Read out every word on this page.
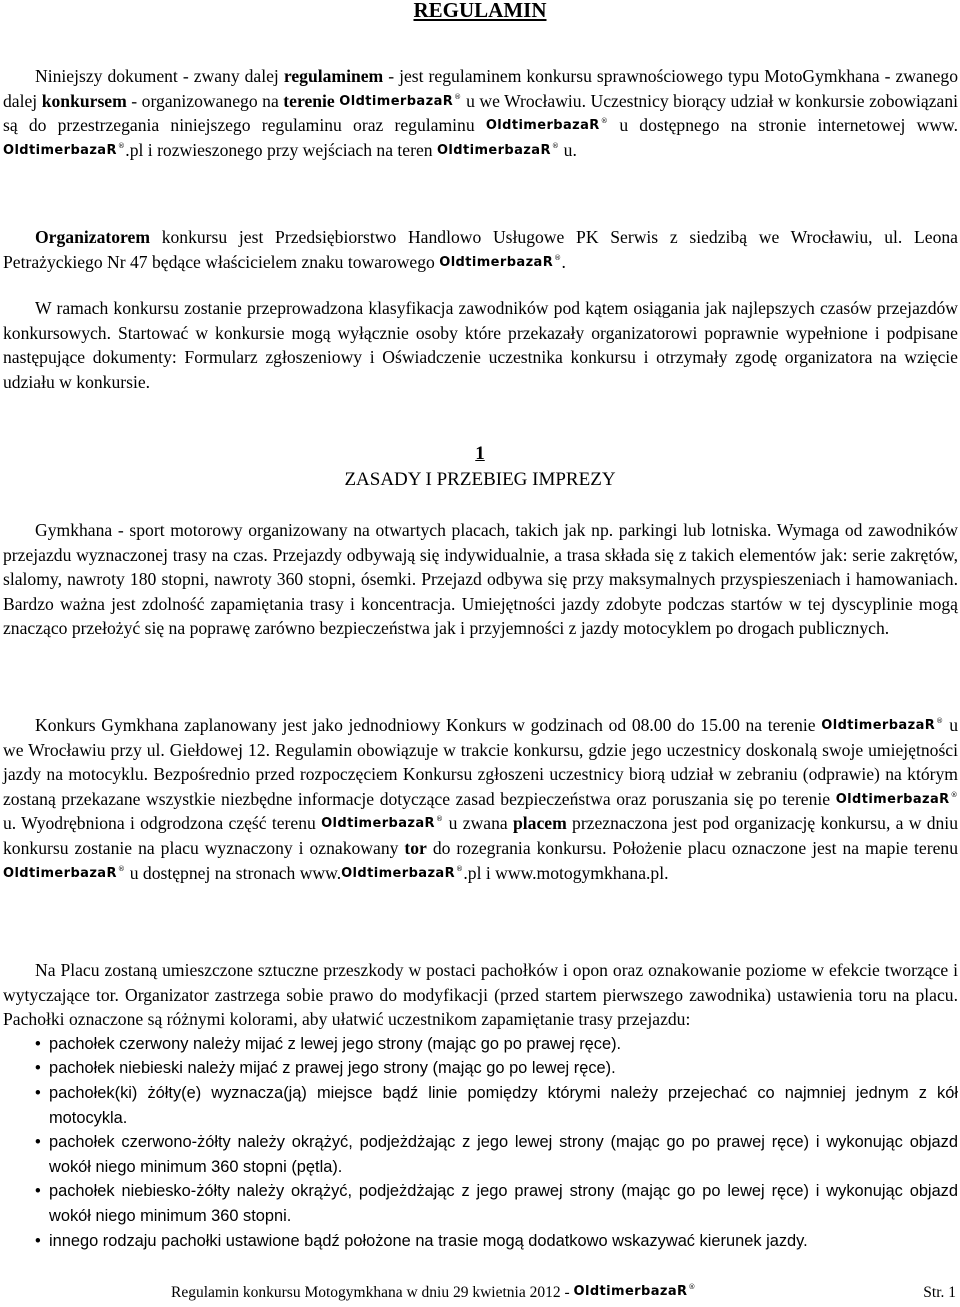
REGULAMIN

Niniejszy dokument - zwany dalej regulaminem - jest regulaminem konkursu sprawnościowego typu MotoGymkhana - zwanego dalej konkursem - organizowanego na terenie OldtimerbazaR® u we Wrocławiu. Uczestnicy biorący udział w konkursie zobowiązani są do przestrzegania niniejszego regulaminu oraz regulaminu OldtimerbazaR® u dostępnego na stronie internetowej www.OldtimerbazaR®.pl i rozwieszonego przy wejściach na teren OldtimerbazaR® u.

Organizatorem konkursu jest Przedsiębiorstwo Handlowo Usługowe PK Serwis z siedzibą we Wrocławiu, ul. Leona Petrażyckiego Nr 47 będące właścicielem znaku towarowego OldtimerbazaR®.

W ramach konkursu zostanie przeprowadzona klasyfikacja zawodników pod kątem osiągania jak najlepszych czasów przejazdów konkursowych. Startować w konkursie mogą wyłącznie osoby które przekazały organizatorowi poprawnie wypełnione i podpisane następujące dokumenty: Formularz zgłoszeniowy i Oświadczenie uczestnika konkursu i otrzymały zgodę organizatora na wzięcie udziału w konkursie.

1
ZASADY I PRZEBIEG IMPREZY

Gymkhana - sport motorowy organizowany na otwartych placach, takich jak np. parkingi lub lotniska. Wymaga od zawodników przejazdu wyznaczonej trasy na czas. Przejazdy odbywają się indywidualnie, a trasa składa się z takich elementów jak: serie zakrętów, slalomy, nawroty 180 stopni, nawroty 360 stopni, ósemki. Przejazd odbywa się przy maksymalnych przyspieszeniach i hamowaniach. Bardzo ważna jest zdolność zapamiętania trasy i koncentracja. Umiejętności jazdy zdobyte podczas startów w tej dyscyplinie mogą znacząco przełożyć się na poprawę zarówno bezpieczeństwa jak i przyjemności z jazdy motocyklem po drogach publicznych.

Konkurs Gymkhana zaplanowany jest jako jednodniowy Konkurs w godzinach od 08.00 do 15.00 na terenie OldtimerbazaR® u we Wrocławiu przy ul. Giełdowej 12. Regulamin obowiązuje w trakcie konkursu, gdzie jego uczestnicy doskonalą swoje umiejętności jazdy na motocyklu. Bezpośrednio przed rozpoczęciem Konkursu zgłoszeni uczestnicy biorą udział w zebraniu (odprawie) na którym zostaną przekazane wszystkie niezbędne informacje dotyczące zasad bezpieczeństwa oraz poruszania się po terenie OldtimerbazaR® u. Wyodrębniona i odgrodzona część terenu OldtimerbazaR® u zwana placem przeznaczona jest pod organizację konkursu, a w dniu konkursu zostanie na placu wyznaczony i oznakowany tor do rozegrania konkursu. Położenie placu oznaczone jest na mapie terenu OldtimerbazaR® u dostępnej na stronach www.OldtimerbazaR®.pl i www.motogymkhana.pl.

Na Placu zostaną umieszczone sztuczne przeszkody w postaci pachołków i opon oraz oznakowanie poziome w efekcie tworzące i wytyczające tor. Organizator zastrzega sobie prawo do modyfikacji (przed startem pierwszego zawodnika) ustawienia toru na placu. Pachołki oznaczone są różnymi kolorami, aby ułatwić uczestnikom zapamiętanie trasy przejazdu:

• pachołek czerwony należy mijać z lewej jego strony (mając go po prawej ręce).
• pachołek niebieski należy mijać z prawej jego strony (mając go po lewej ręce).
• pachołek(ki) żółty(e) wyznacza(ją) miejsce bądź linie pomiędzy którymi należy przejechać co najmniej jednym z kół motocykla.
• pachołek czerwono-żółty należy okrążyć, podjeżdżając z jego lewej strony (mając go po prawej ręce) i wykonując objazd wokół niego minimum 360 stopni (pętla).
• pachołek niebiesko-żółty należy okrążyć, podjeżdżając z jego prawej strony (mając go po lewej ręce) i wykonując objazd wokół niego minimum 360 stopni.
• innego rodzaju pachołki ustawione bądź położone na trasie mogą dodatkowo wskazywać kierunek jazdy.
Regulamin konkursu Motogymkhana w dniu 29 kwietnia 2012 - OldtimerbazaR®	Str. 1
